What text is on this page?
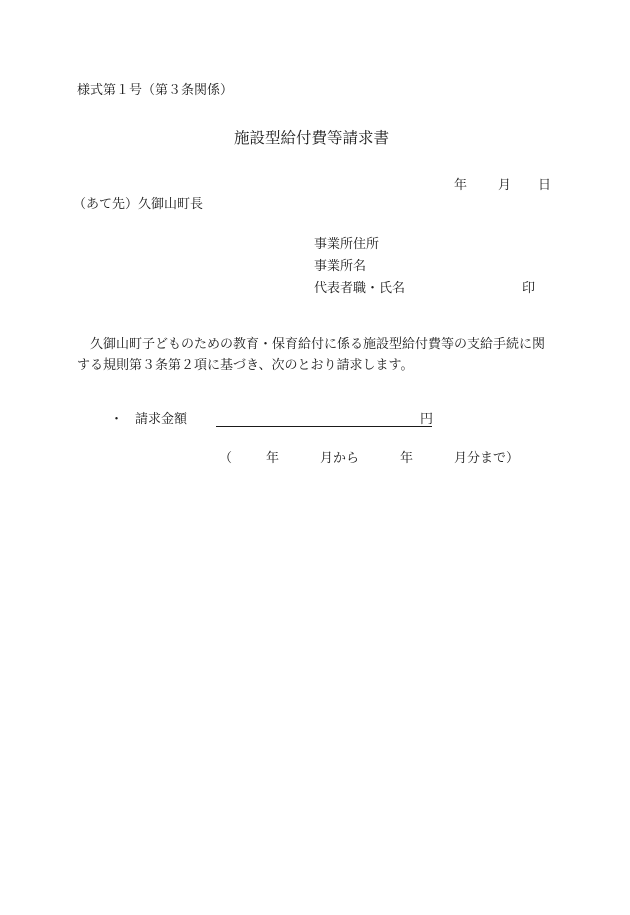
様式第１号（第３条関係）
施設型給付費等請求書
年 月 日
（あて先）久御山町長
事業所住所
事業所名
代表者職・氏名	印
久御山町子どものための教育・保育給付に係る施設型給付費等の支給手続に関する規則第３条第２項に基づき、次のとおり請求します。
・ 請求金額	円
（	年	月から	年	月分まで）
